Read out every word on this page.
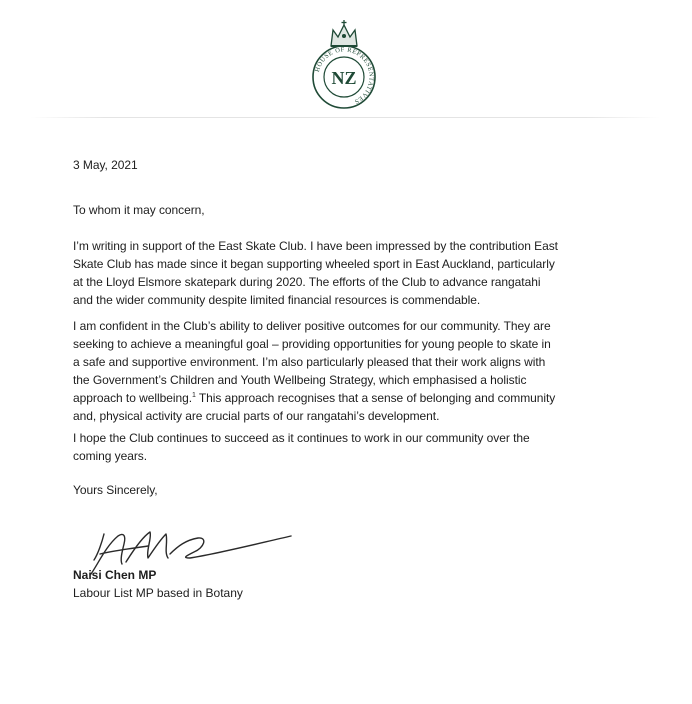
HOUSE OF REPRESENTATIVES
NZ
3 May, 2021
To whom it may concern,

I’m writing in support of the East Skate Club. I have been impressed by the contribution East

Skate Club has made since it began supporting wheeled sport in East Auckland, particularly

at the Lloyd Elsmore skatepark during 2020. The efforts of the Club to advance rangatahi

and the wider community despite limited financial resources is commendable.

I am confident in the Club’s ability to deliver positive outcomes for our community. They are

seeking to achieve a meaningful goal – providing opportunities for young people to skate in

a safe and supportive environment. I’m also particularly pleased that their work aligns with

the Government’s Children and Youth Wellbeing Strategy, which emphasised a holistic

approach to wellbeing.$^1$ This approach recognises that a sense of belonging and community

and, physical activity are crucial parts of our rangatahi’s development.

I hope the Club continues to succeed as it continues to work in our community over the

coming years.

Yours Sincerely,
Naisi Chen MP
Labour List MP based in Botany
